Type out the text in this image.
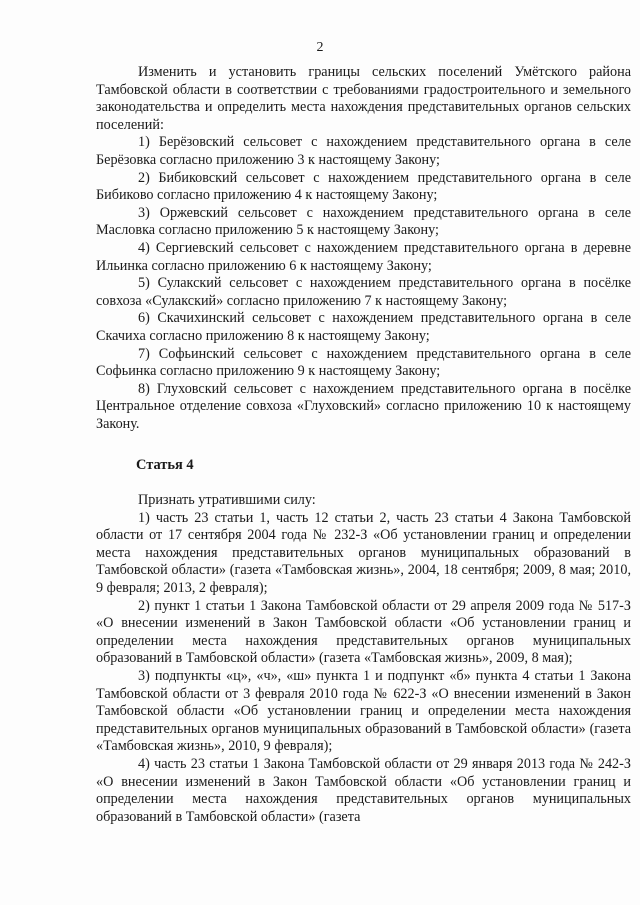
2

Изменить и установить границы сельских поселений Умётского района Тамбовской области в соответствии с требованиями градостроительного и земельного законодательства и определить места нахождения представительных органов сельских поселений:

1) Берёзовский сельсовет с нахождением представительного органа в селе Берёзовка согласно приложению 3 к настоящему Закону;

2) Бибиковский сельсовет с нахождением представительного органа в селе Бибиково согласно приложению 4 к настоящему Закону;

3) Оржевский сельсовет с нахождением представительного органа в селе Масловка согласно приложению 5 к настоящему Закону;

4) Сергиевский сельсовет с нахождением представительного органа в деревне Ильинка согласно приложению 6 к настоящему Закону;

5) Сулакский сельсовет с нахождением представительного органа в посёлке совхоза «Сулакский» согласно приложению 7 к настоящему Закону;

6) Скачихинский сельсовет с нахождением представительного органа в селе Скачиха согласно приложению 8 к настоящему Закону;

7) Софьинский сельсовет с нахождением представительного органа в селе Софьинка согласно приложению 9 к настоящему Закону;

8) Глуховский сельсовет с нахождением представительного органа в посёлке Центральное отделение совхоза «Глуховский» согласно приложению 10 к настоящему Закону.

Статья 4

Признать утратившими силу:

1) часть 23 статьи 1, часть 12 статьи 2, часть 23 статьи 4 Закона Тамбовской области от 17 сентября 2004 года № 232-З «Об установлении границ и определении места нахождения представительных органов муниципальных образований в Тамбовской области» (газета «Тамбовская жизнь», 2004, 18 сентября; 2009, 8 мая; 2010, 9 февраля; 2013, 2 февраля);

2) пункт 1 статьи 1 Закона Тамбовской области от 29 апреля 2009 года № 517-З «О внесении изменений в Закон Тамбовской области «Об установлении границ и определении места нахождения представительных органов муниципальных образований в Тамбовской области» (газета «Тамбовская жизнь», 2009, 8 мая);

3) подпункты «ц», «ч», «ш» пункта 1 и подпункт «б» пункта 4 статьи 1 Закона Тамбовской области от 3 февраля 2010 года № 622-З «О внесении изменений в Закон Тамбовской области «Об установлении границ и определении места нахождения представительных органов муниципальных образований в Тамбовской области» (газета «Тамбовская жизнь», 2010, 9 февраля);

4) часть 23 статьи 1 Закона Тамбовской области от 29 января 2013 года № 242-З «О внесении изменений в Закон Тамбовской области «Об установлении границ и определении места нахождения представительных органов муниципальных образований в Тамбовской области» (газета
